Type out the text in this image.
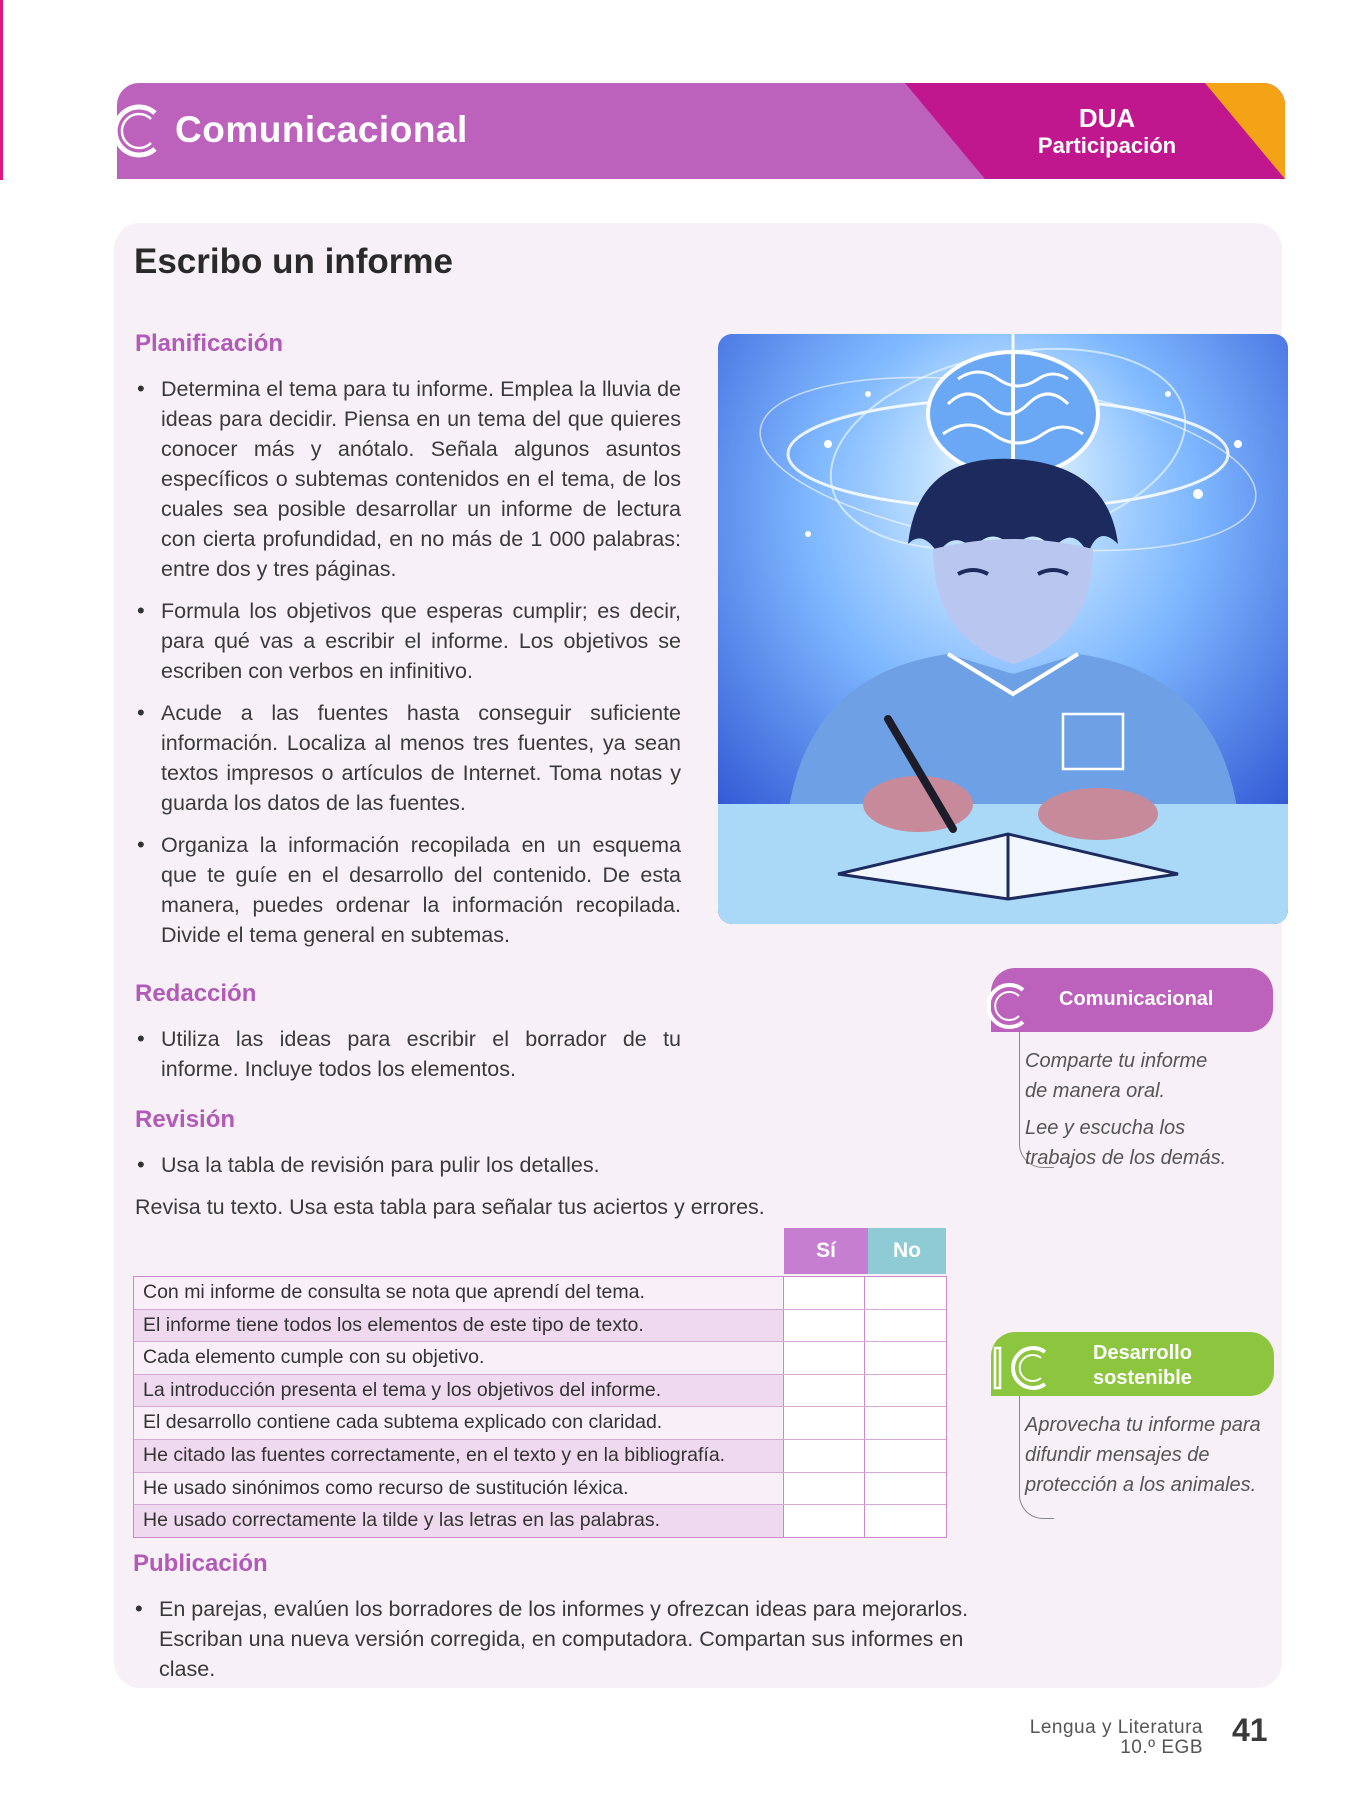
Comunicacional	DUA
Participación
Escribo un informe
Planificación
• Determina el tema para tu informe. Emplea la lluvia de ideas para decidir. Piensa en un tema del que quieres conocer más y anótalo. Señala algunos asuntos específicos o subtemas contenidos en el tema, de los cuales sea posible desarrollar un informe de lectura con cierta profundidad, en no más de 1 000 palabras: entre dos y tres páginas.
• Formula los objetivos que esperas cumplir; es decir, para qué vas a escribir el informe. Los objetivos se escriben con verbos en infinitivo.
• Acude a las fuentes hasta conseguir suficiente información. Localiza al menos tres fuentes, ya sean textos impresos o artículos de Internet. Toma notas y guarda los datos de las fuentes.
• Organiza la información recopilada en un esquema que te guíe en el desarrollo del contenido. De esta manera, puedes ordenar la información recopilada. Divide el tema general en subtemas.
Redacción
• Utiliza las ideas para escribir el borrador de tu informe. Incluye todos los elementos.
Revisión
• Usa la tabla de revisión para pulir los detalles.
Revisa tu texto. Usa esta tabla para señalar tus aciertos y errores.
Sí	No
Con mi informe de consulta se nota que aprendí del tema.
El informe tiene todos los elementos de este tipo de texto.
Cada elemento cumple con su objetivo.
La introducción presenta el tema y los objetivos del informe.
El desarrollo contiene cada subtema explicado con claridad.
He citado las fuentes correctamente, en el texto y en la bibliografía.
He usado sinónimos como recurso de sustitución léxica.
He usado correctamente la tilde y las letras en las palabras.
Publicación
• En parejas, evalúen los borradores de los informes y ofrezcan ideas para mejorarlos. Escriban una nueva versión corregida, en computadora. Compartan sus informes en clase.
Comunicacional
Comparte tu informe de manera oral.
Lee y escucha los trabajos de los demás.
Desarrollo
sostenible
Aprovecha tu informe para difundir mensajes de protección a los animales.
Lengua y Literatura
10.º EGB 41
